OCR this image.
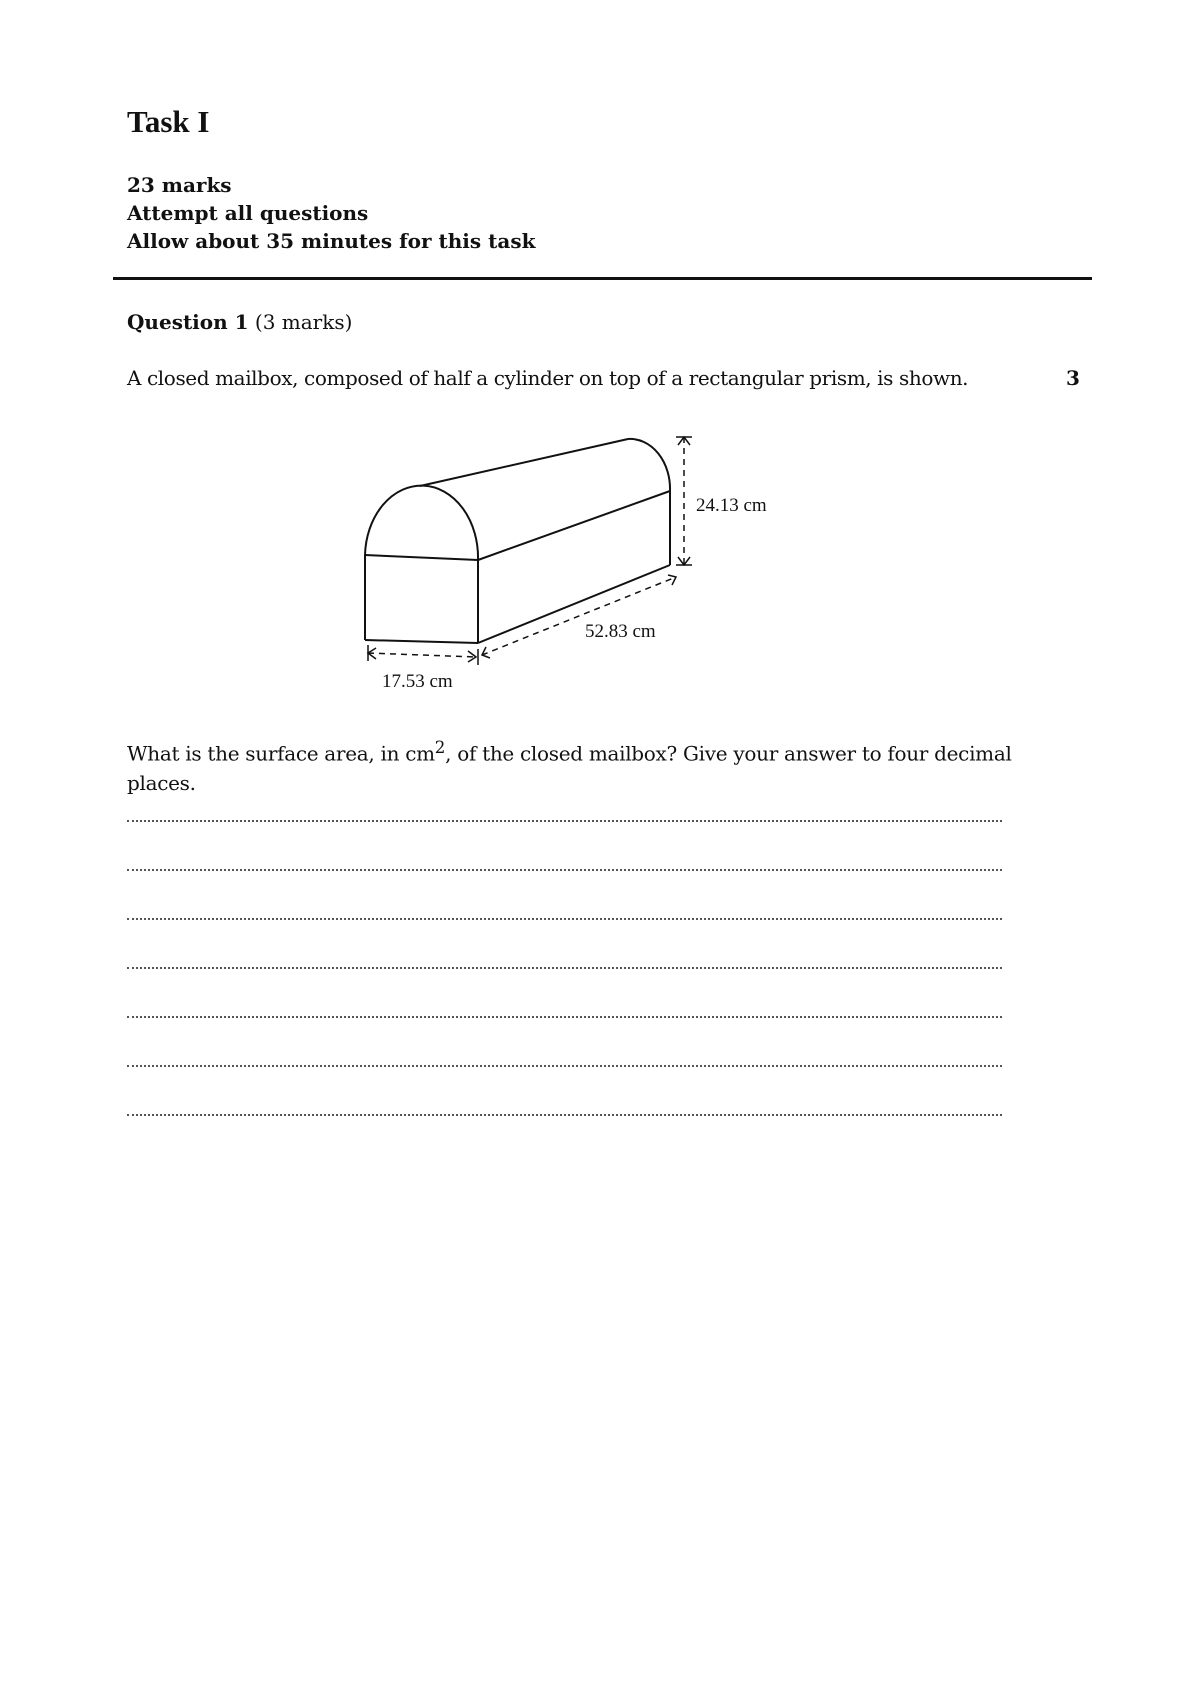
Task I
23 marks
Attempt all questions
Allow about 35 minutes for this task
Question 1 (3 marks)
A closed mailbox, composed of half a cylinder on top of a rectangular prism, is shown.	3
24.13 cm
52.83 cm
17.53 cm
What is the surface area, in $cm^2$, of the closed mailbox? Give your answer to four decimal places.
